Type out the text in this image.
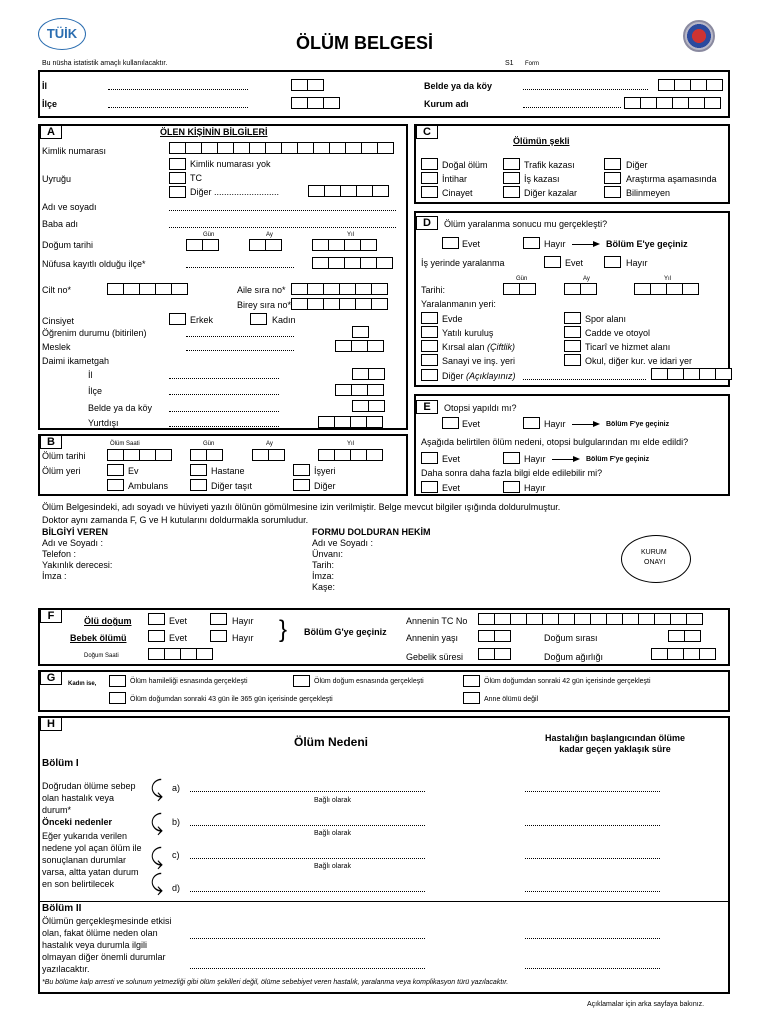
TÜİK	ÖLÜM BELGESİ
Bu nüsha istatistik amaçlı kullanılacaktır.	S1 Form
İl
İlçe
Belde ya da köy
Kurum adı
A	ÖLEN KİŞİNİN BİLGİLERİ
Kimlik numarası
Kimlik numarası yok
Uyruğu	TC
Diğer ..........................
Adı ve soyadı
Baba adı
Gün	Ay	Yıl
Doğum tarihi
Nüfusa kayıtlı olduğu ilçe*
Cilt no*	Aile sıra no*
Birey sıra no*
Cinsiyet	Erkek	Kadın
Öğrenim durumu (bitirilen)
Meslek
Daimi ikametgah
İl
İlçe
Belde ya da köy
Yurtdışı
B	Ölüm Saati	Gün	Ay	Yıl
Ölüm tarihi
Ölüm yeri	Ev	Hastane	İşyeri
Ambulans	Diğer taşıt	Diğer
C
Ölümün şekli
Doğal ölüm	Trafik kazası	Diğer
İntihar	İş kazası	Araştırma aşamasında
Cinayet	Diğer kazalar	Bilinmeyen
D	Ölüm yaralanma sonucu mu gerçekleşti?
Evet	Hayır	Bölüm E'ye geçiniz
İş yerinde yaralanma	Evet	Hayır
Gün	Ay	Yıl
Tarihi:
Yaralanmanın yeri:
Evde	Spor alanı
Yatılı kuruluş	Cadde ve otoyol
Kırsal alan (Çiftlik)	Ticarî ve hizmet alanı
Sanayi ve inş. yeri	Okul, diğer kur. ve idari yer
Diğer (Açıklayınız)
E	Otopsi yapıldı mı?
Evet	Hayır	Bölüm F'ye geçiniz
Aşağıda belirtilen ölüm nedeni, otopsi bulgularından mı elde edildi?
Evet	Hayır	Bölüm F'ye geçiniz
Daha sonra daha fazla bilgi elde edilebilir mi?
Evet	Hayır
Ölüm Belgesindeki, adı soyadı ve hüviyeti yazılı ölünün gömülmesine izin verilmiştir. Belge mevcut bilgiler ışığında doldurulmuştur.
Doktor aynı zamanda F, G ve H kutularını doldurmakla sorumludur.
BİLGİYİ VEREN
Adı ve Soyadı :
Telefon :
Yakınlık derecesi:
İmza :
FORMU DOLDURAN HEKİM
Adı ve Soyadı :
Ünvanı:
Tarih:
İmza:
Kaşe:
KURUM
ONAYI
F	Ölü doğum	Evet	Hayır
Bebek ölümü	Evet	Hayır } Bölüm G'ye geçiniz
Doğum Saati
Annenin TC No
Annenin yaşı	Doğum sırası
Gebelik süresi	Doğum ağırlığı
G	Kadın ise,	Ölüm hamileliği esnasında gerçekleşti	Ölüm doğum esnasında gerçekleşti	Ölüm doğumdan sonraki 42 gün içerisinde gerçekleşti
Ölüm doğumdan sonraki 43 gün ile 365 gün içerisinde gerçekleşti	Anne ölümü değil
H
Ölüm Nedeni	Hastalığın başlangıcından ölüme
kadar geçen yaklaşık süre
Bölüm I
Doğrudan ölüme sebep
olan hastalık veya
durum*
Önceki nedenler
Eğer yukarıda verilen
nedene yol açan ölüm ile
sonuçlanan durumlar
varsa, altta yatan durum
en son belirtilecek
⤹
⤹
⤹
⤹
a)
Bağlı olarak
b)
Bağlı olarak
c)
Bağlı olarak
d)
Bölüm II
Ölümün gerçekleşmesinde etkisi
olan, fakat ölüme neden olan
hastalık veya durumla ilgili
olmayan diğer önemli durumlar
yazılacaktır.
*Bu bölüme kalp arresti ve solunum yetmezliği gibi ölüm şekilleri değil, ölüme sebebiyet veren hastalık, yaralanma veya komplikasyon türü yazılacaktır.
Açıklamalar için arka sayfaya bakınız.
